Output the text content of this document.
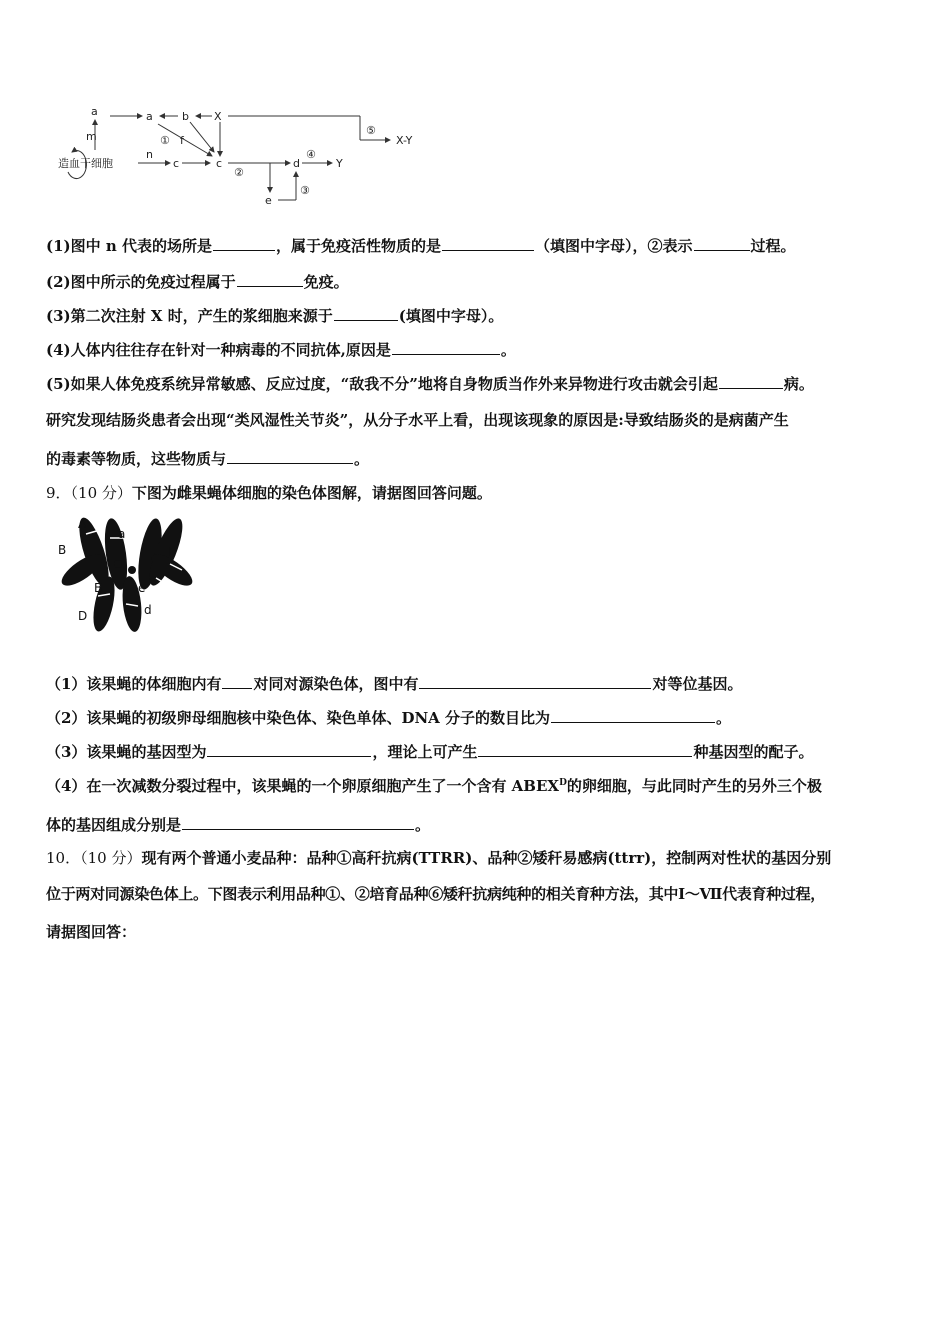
造血干细胞
a	a	b X
m	f
n
c	c	d	Y
e
X-Y
①
②
③
④
⑤
(1)图中 n 代表的场所是	，属于免疫活性物质的是	（填图中字母），②表示	过程。
(2)图中所示的免疫过程属于	免疫。
(3)第二次注射 X 时，产生的浆细胞来源于	(填图中字母）。
(4)人体内往往存在针对一种病毒的不同抗体,原因是	。
(5)如果人体免疫系统异常敏感、反应过度，“敌我不分”地将自身物质当作外来异物进行攻击就会引起	病。
研究发现结肠炎患者会出现“类风湿性关节炎”，从分子水平上看，出现该现象的原因是:导致结肠炎的是病菌产生
的毒素等物质，这些物质与	。
9．（10 分）下图为雌果蝇体细胞的染色体图解，请据图回答问题。
A
a
B
B
E
e
D	d
（1）该果蝇的体细胞内有 对同对源染色体，图中有	对等位基因。
（2）该果蝇的初级卵母细胞核中染色体、染色单体、DNA 分子的数目比为	。
（3）该果蝇的基因型为	，理论上可产生	种基因型的配子。
（4）在一次减数分裂过程中，该果蝇的一个卵原细胞产生了一个含有 $ABEX^D$的卵细胞，与此同时产生的另外三个极
体的基因组成分别是	。
10．（10 分）现有两个普通小麦品种：品种①高秆抗病(TTRR)、品种②矮秆易感病(ttrr)，控制两对性状的基因分别
位于两对同源染色体上。下图表示利用品种①、②培育品种⑥矮秆抗病纯种的相关育种方法，其中Ⅰ～Ⅶ代表育种过程，
请据图回答：
